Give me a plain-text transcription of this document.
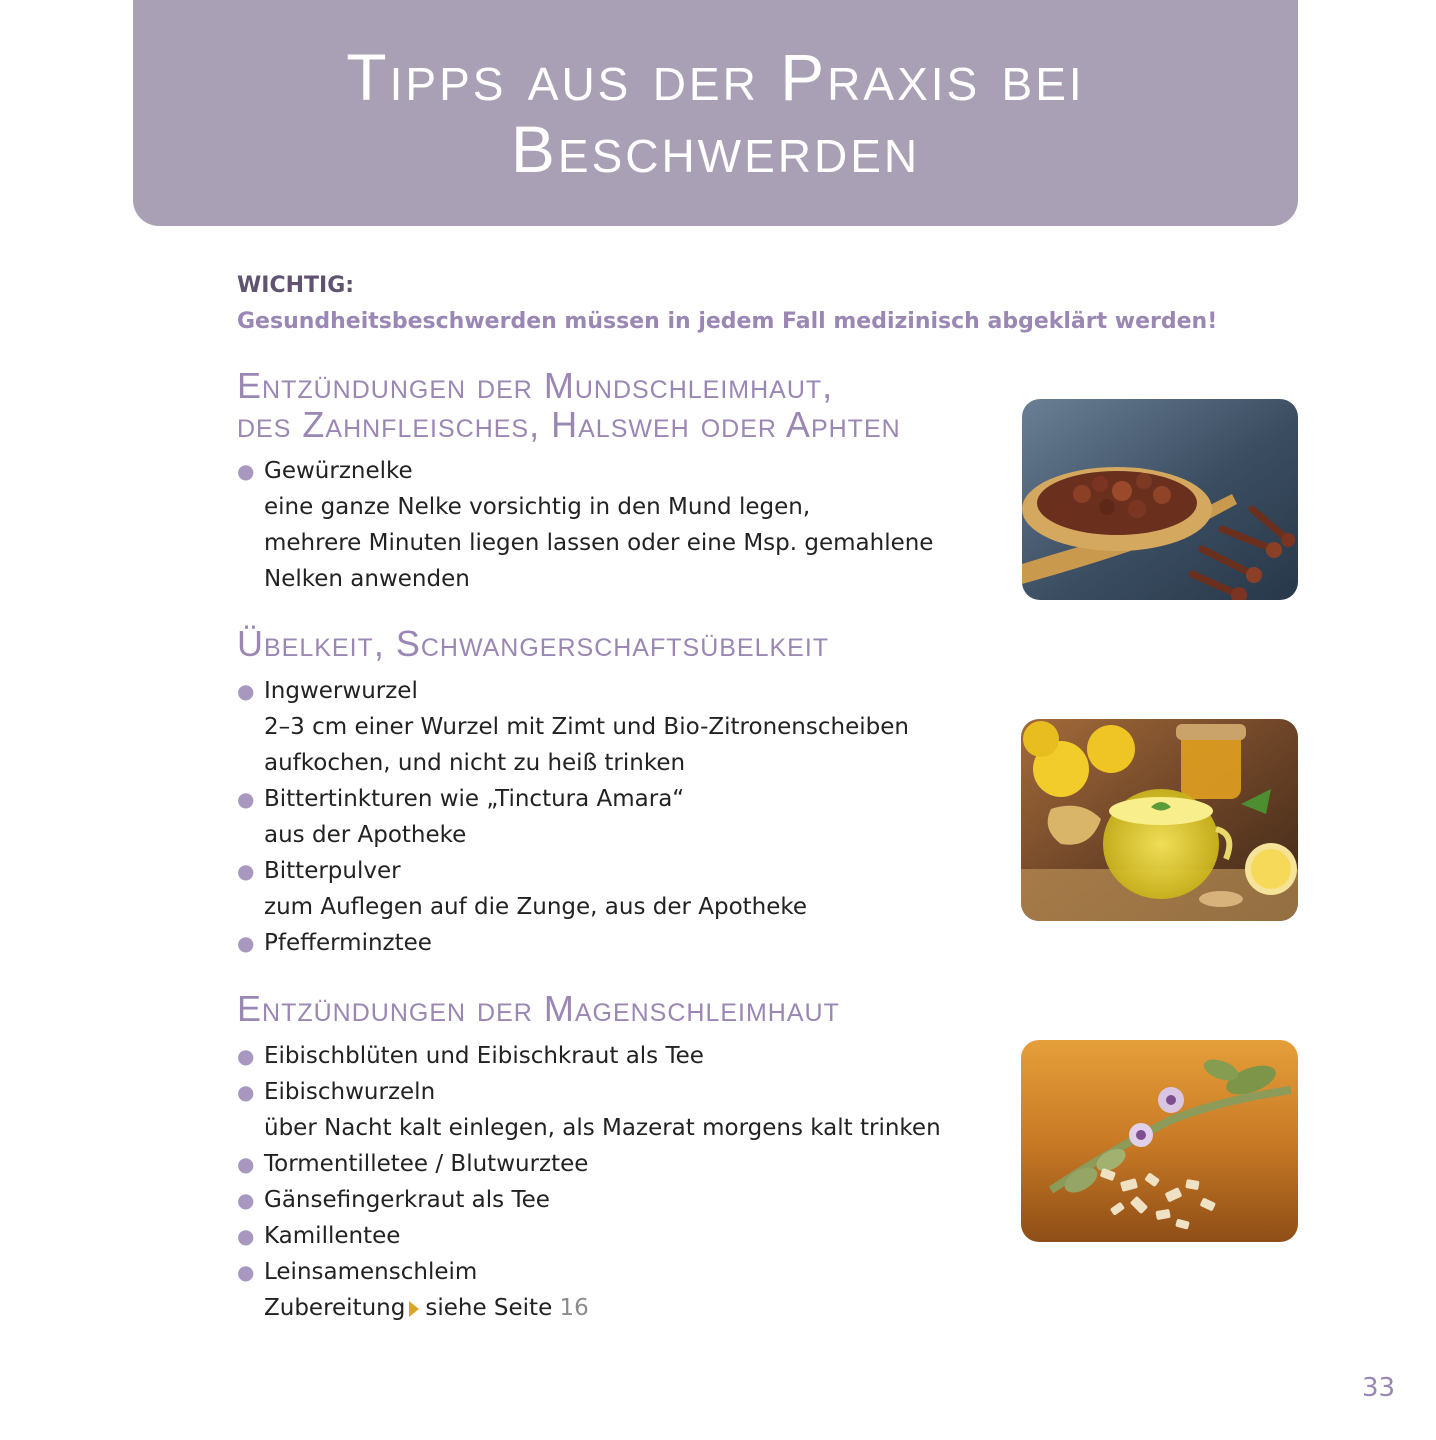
Tipps aus der Praxis bei
Beschwerden
WICHTIG:
Gesundheitsbeschwerden müssen in jedem Fall medizinisch abgeklärt werden!
Entzündungen der Mundschleimhaut,
des Zahnfleisches, Halsweh oder Aphten
● Gewürznelke
eine ganze Nelke vorsichtig in den Mund legen,
mehrere Minuten liegen lassen oder eine Msp. gemahlene
Nelken anwenden
Übelkeit, Schwangerschaftsübelkeit
● Ingwerwurzel
2–3 cm einer Wurzel mit Zimt und Bio-Zitronenscheiben
aufkochen, und nicht zu heiß trinken
● Bittertinkturen wie „Tinctura Amara“
aus der Apotheke
● Bitterpulver
zum Auflegen auf die Zunge, aus der Apotheke
● Pfefferminztee
Entzündungen der Magenschleimhaut
● Eibischblüten und Eibischkraut als Tee
● Eibischwurzeln
über Nacht kalt einlegen, als Mazerat morgens kalt trinken
● Tormentilletee / Blutwurztee
● Gänsefingerkraut als Tee
● Kamillentee
● Leinsamenschleim
Zubereitung siehe Seite 16
33
